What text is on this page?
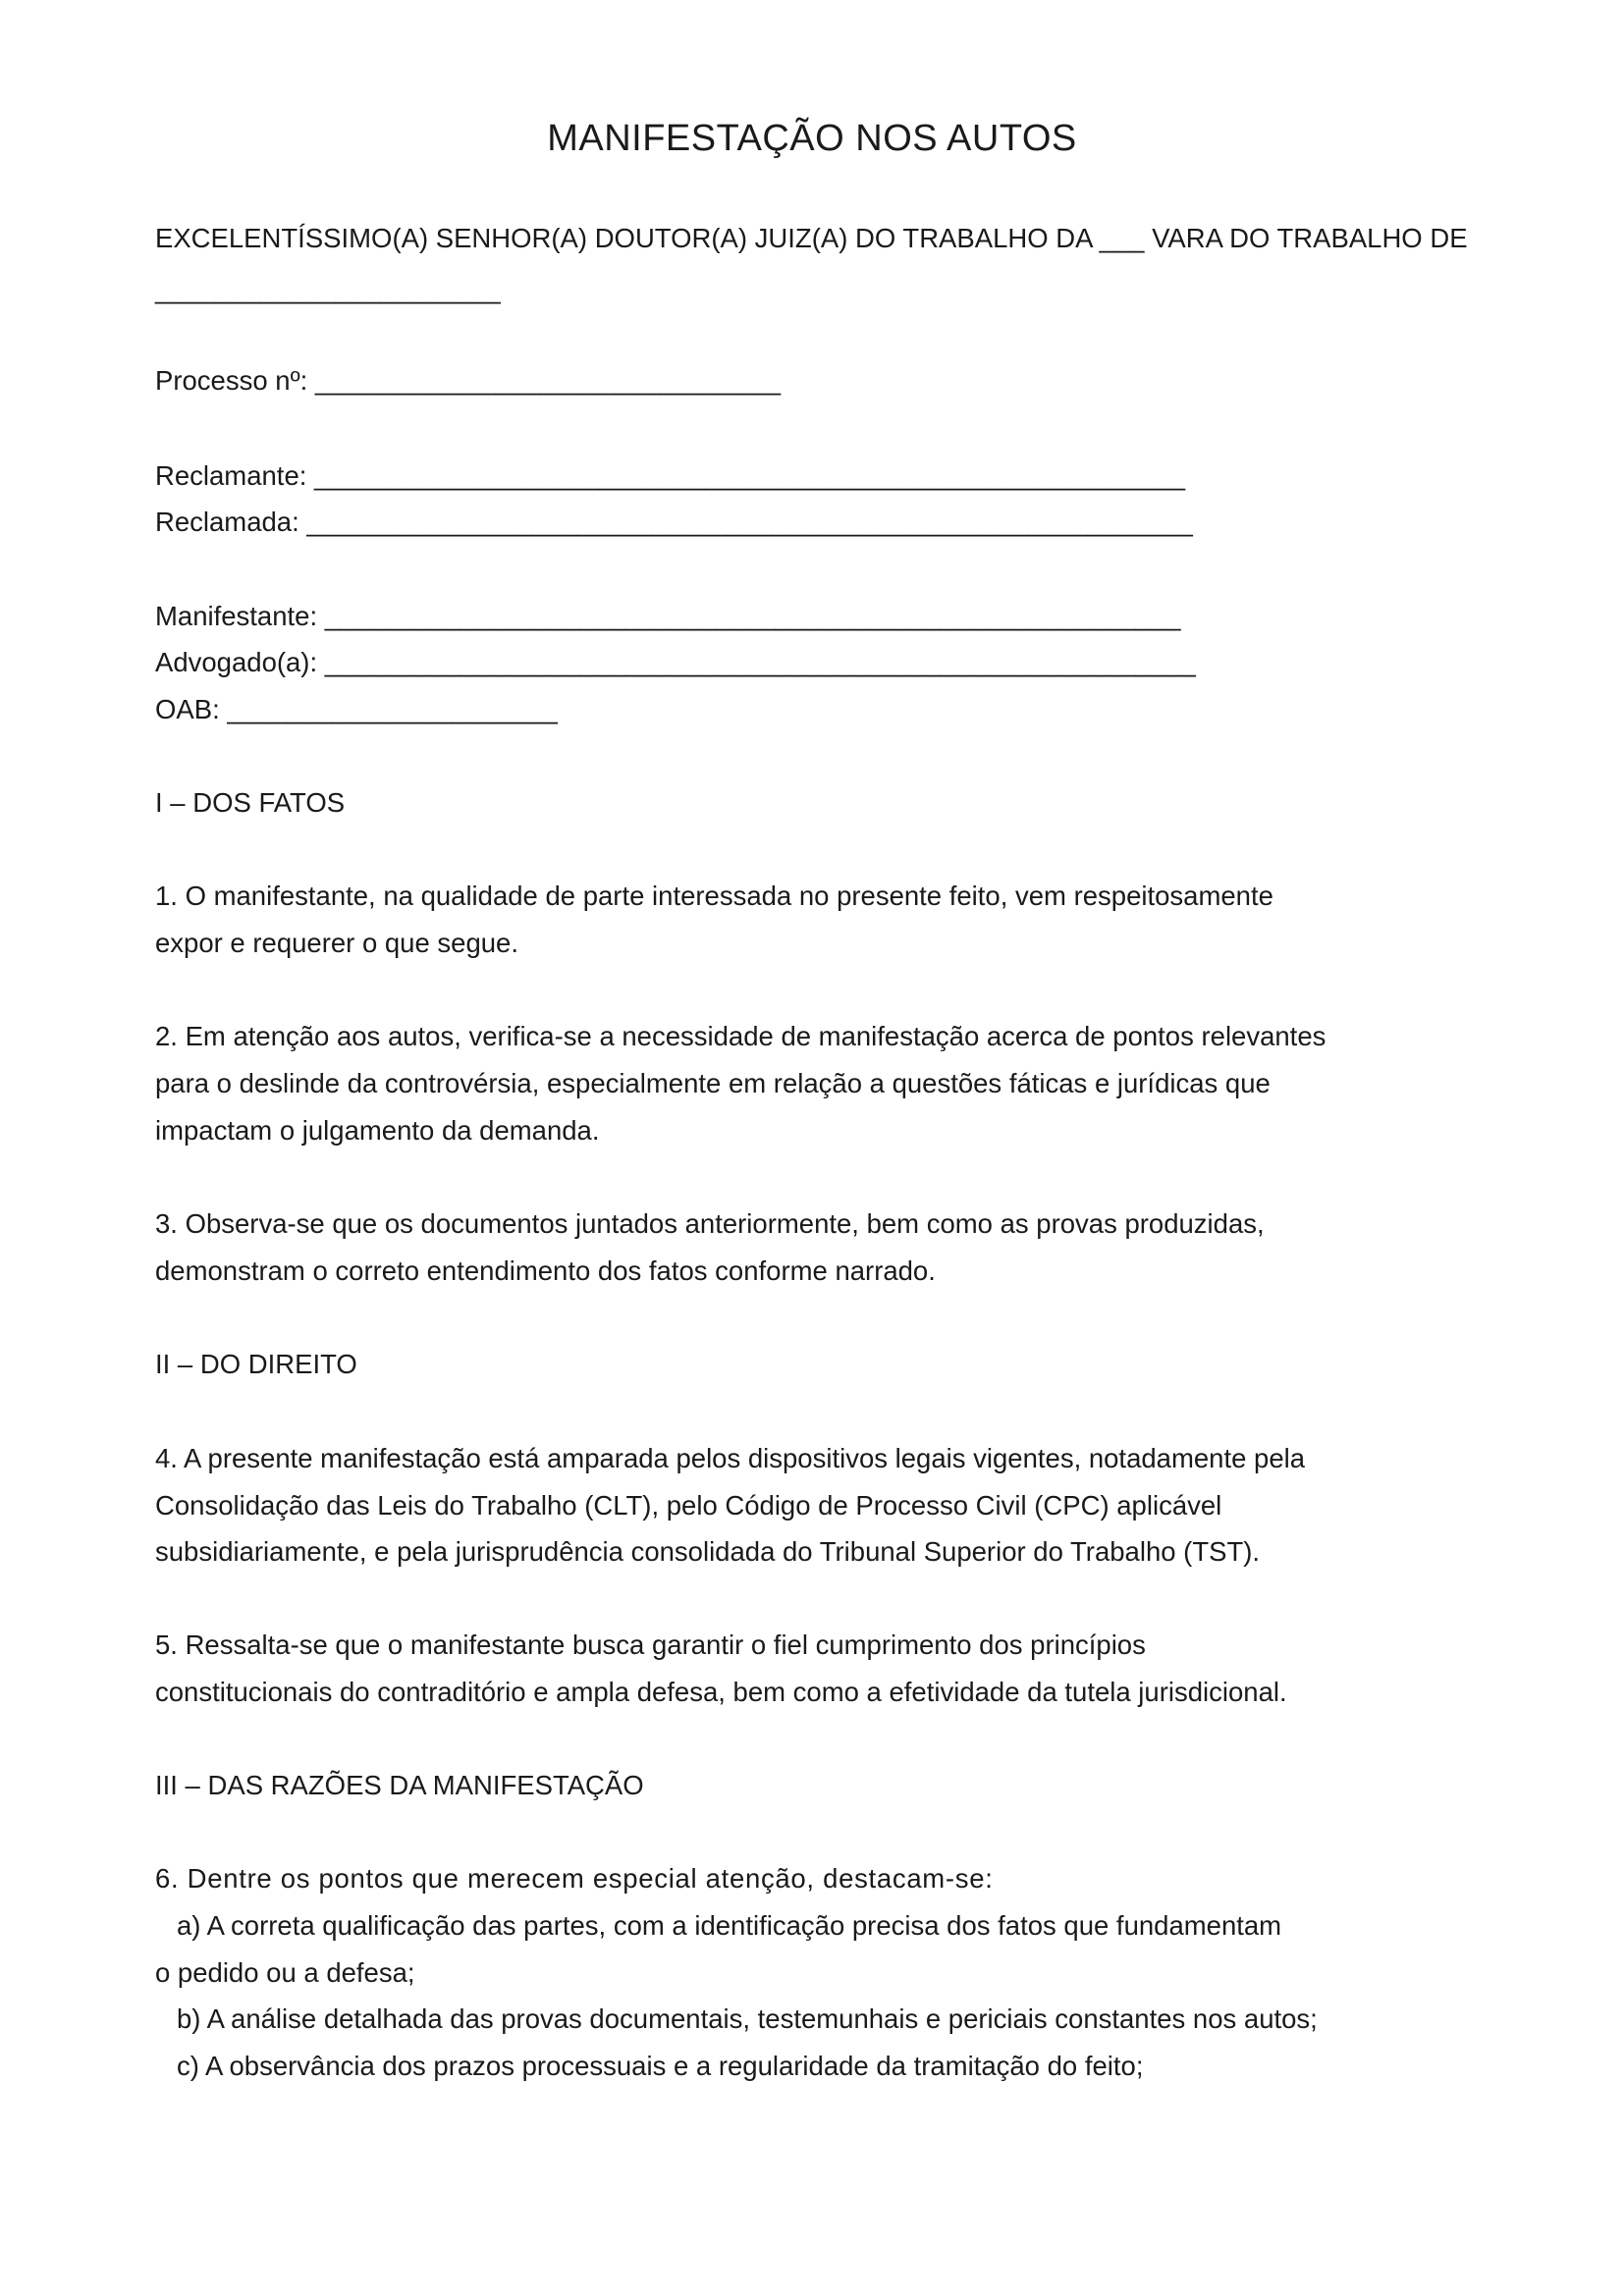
MANIFESTAÇÃO NOS AUTOS
EXCELENTÍSSIMO(A) SENHOR(A) DOUTOR(A) JUIZ(A) DO TRABALHO DA ___ VARA DO TRABALHO DE
_______________________
Processo nº: _______________________________
Reclamante: __________________________________________________________
Reclamada: ___________________________________________________________
Manifestante: _________________________________________________________
Advogado(a): __________________________________________________________
OAB: ______________________
I – DOS FATOS
1. O manifestante, na qualidade de parte interessada no presente feito, vem respeitosamente
expor e requerer o que segue.
2. Em atenção aos autos, verifica-se a necessidade de manifestação acerca de pontos relevantes
para o deslinde da controvérsia, especialmente em relação a questões fáticas e jurídicas que
impactam o julgamento da demanda.
3. Observa-se que os documentos juntados anteriormente, bem como as provas produzidas,
demonstram o correto entendimento dos fatos conforme narrado.
II – DO DIREITO
4. A presente manifestação está amparada pelos dispositivos legais vigentes, notadamente pela
Consolidação das Leis do Trabalho (CLT), pelo Código de Processo Civil (CPC) aplicável
subsidiariamente, e pela jurisprudência consolidada do Tribunal Superior do Trabalho (TST).
5. Ressalta-se que o manifestante busca garantir o fiel cumprimento dos princípios
constitucionais do contraditório e ampla defesa, bem como a efetividade da tutela jurisdicional.
III – DAS RAZÕES DA MANIFESTAÇÃO
6. Dentre os pontos que merecem especial atenção, destacam-se:
a) A correta qualificação das partes, com a identificação precisa dos fatos que fundamentam
o pedido ou a defesa;
b) A análise detalhada das provas documentais, testemunhais e periciais constantes nos autos;
c) A observância dos prazos processuais e a regularidade da tramitação do feito;
